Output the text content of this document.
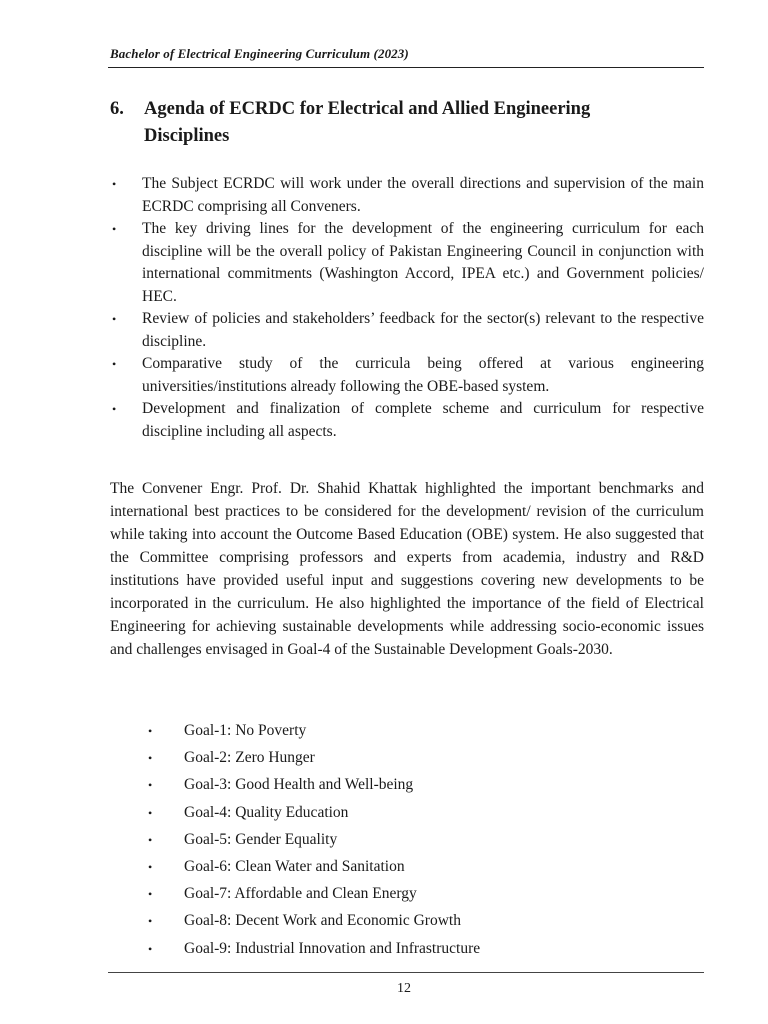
Bachelor of Electrical Engineering Curriculum (2023)
6. Agenda of ECRDC for Electrical and Allied Engineering
Disciplines
• The Subject ECRDC will work under the overall directions and supervision of the main ECRDC comprising all Conveners.
• The key driving lines for the development of the engineering curriculum for each discipline will be the overall policy of Pakistan Engineering Council in conjunction with international commitments (Washington Accord, IPEA etc.) and Government policies/ HEC.
• Review of policies and stakeholders’ feedback for the sector(s) relevant to the respective discipline.
• Comparative study of the curricula being offered at various engineering universities/institutions already following the OBE-based system.
• Development and finalization of complete scheme and curriculum for respective discipline including all aspects.

The Convener Engr. Prof. Dr. Shahid Khattak highlighted the important benchmarks and international best practices to be considered for the development/ revision of the curriculum while taking into account the Outcome Based Education (OBE) system. He also suggested that the Committee comprising professors and experts from academia, industry and R&D institutions have provided useful input and suggestions covering new developments to be incorporated in the curriculum. He also highlighted the importance of the field of Electrical Engineering for achieving sustainable developments while addressing socio-economic issues and challenges envisaged in Goal-4 of the Sustainable Development Goals-2030.

• Goal-1: No Poverty
• Goal-2: Zero Hunger
• Goal-3: Good Health and Well-being
• Goal-4: Quality Education
• Goal-5: Gender Equality
• Goal-6: Clean Water and Sanitation
• Goal-7: Affordable and Clean Energy
• Goal-8: Decent Work and Economic Growth
• Goal-9: Industrial Innovation and Infrastructure
12
